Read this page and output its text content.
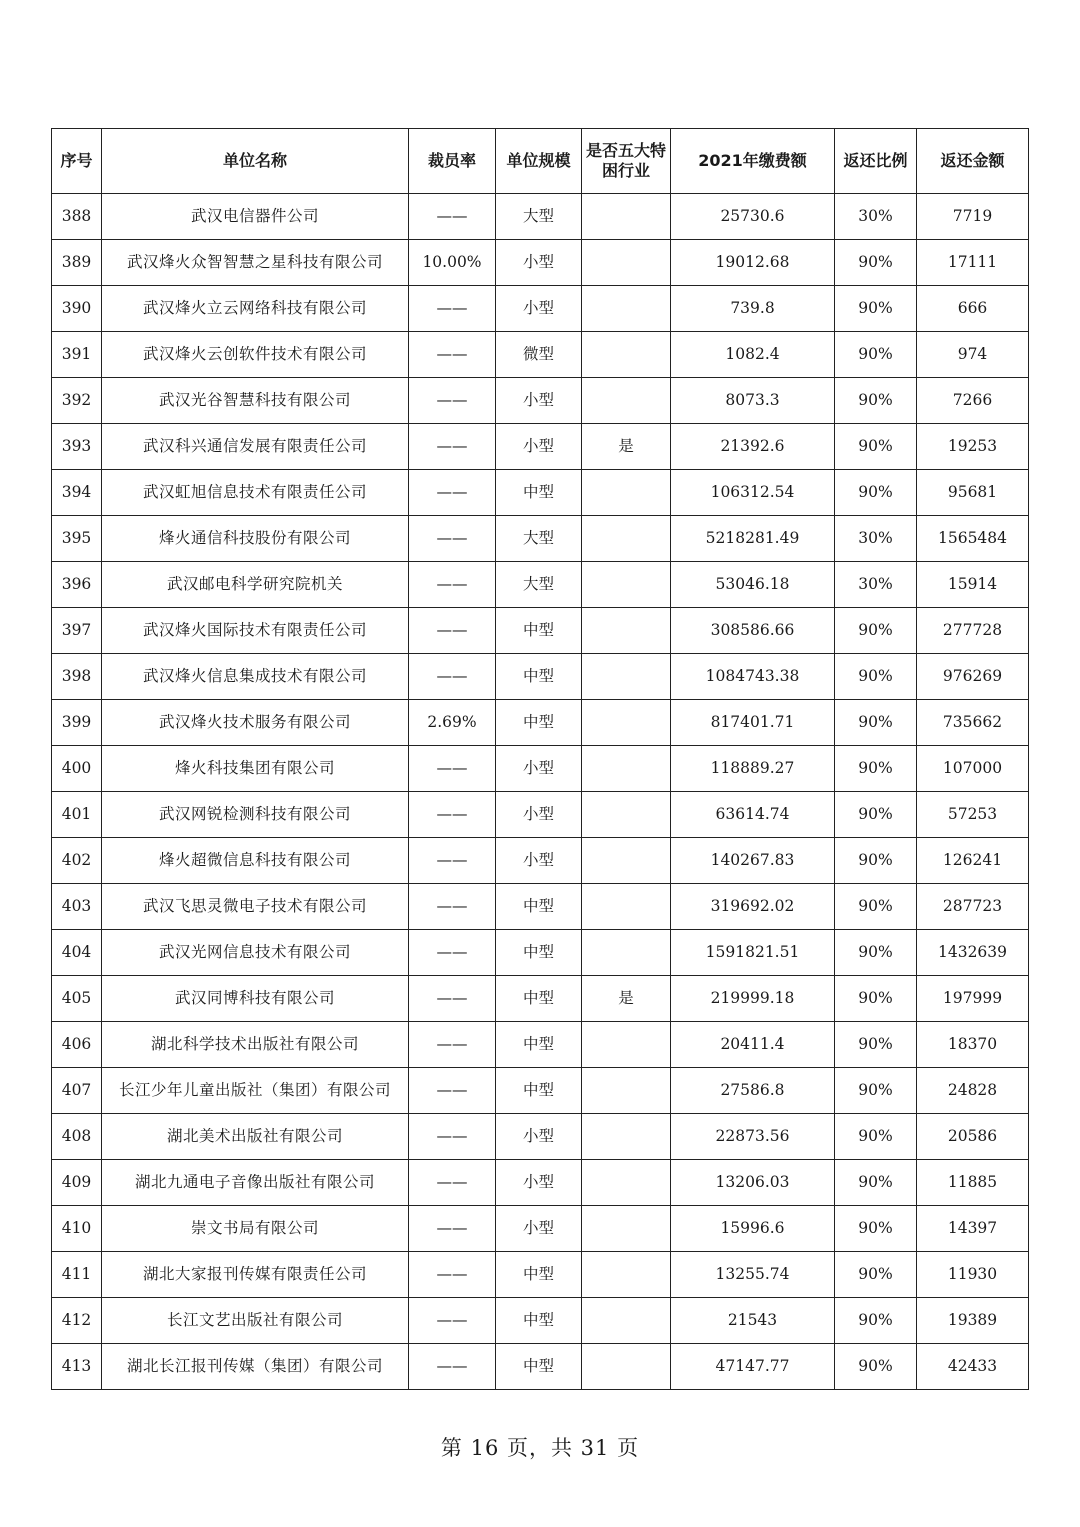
序号	单位名称	裁员率	单位规模	是否五大特困行业	2021年缴费额	返还比例	返还金额
388	武汉电信器件公司	——	大型		25730.6	30%	7719
389	武汉烽火众智智慧之星科技有限公司	10.00%	小型		19012.68	90%	17111
390	武汉烽火立云网络科技有限公司	——	小型		739.8	90%	666
391	武汉烽火云创软件技术有限公司	——	微型		1082.4	90%	974
392	武汉光谷智慧科技有限公司	——	小型		8073.3	90%	7266
393	武汉科兴通信发展有限责任公司	——	小型	是	21392.6	90%	19253
394	武汉虹旭信息技术有限责任公司	——	中型		106312.54	90%	95681
395	烽火通信科技股份有限公司	——	大型		5218281.49	30%	1565484
396	武汉邮电科学研究院机关	——	大型		53046.18	30%	15914
397	武汉烽火国际技术有限责任公司	——	中型		308586.66	90%	277728
398	武汉烽火信息集成技术有限公司	——	中型		1084743.38	90%	976269
399	武汉烽火技术服务有限公司	2.69%	中型		817401.71	90%	735662
400	烽火科技集团有限公司	——	小型		118889.27	90%	107000
401	武汉网锐检测科技有限公司	——	小型		63614.74	90%	57253
402	烽火超微信息科技有限公司	——	小型		140267.83	90%	126241
403	武汉飞思灵微电子技术有限公司	——	中型		319692.02	90%	287723
404	武汉光网信息技术有限公司	——	中型		1591821.51	90%	1432639
405	武汉同博科技有限公司	——	中型	是	219999.18	90%	197999
406	湖北科学技术出版社有限公司	——	中型		20411.4	90%	18370
407	长江少年儿童出版社（集团）有限公司	——	中型		27586.8	90%	24828
408	湖北美术出版社有限公司	——	小型		22873.56	90%	20586
409	湖北九通电子音像出版社有限公司	——	小型		13206.03	90%	11885
410	崇文书局有限公司	——	小型		15996.6	90%	14397
411	湖北大家报刊传媒有限责任公司	——	中型		13255.74	90%	11930
412	长江文艺出版社有限公司	——	中型		21543	90%	19389
413	湖北长江报刊传媒（集团）有限公司	——	中型		47147.77	90%	42433
第 16 页，共 31 页
